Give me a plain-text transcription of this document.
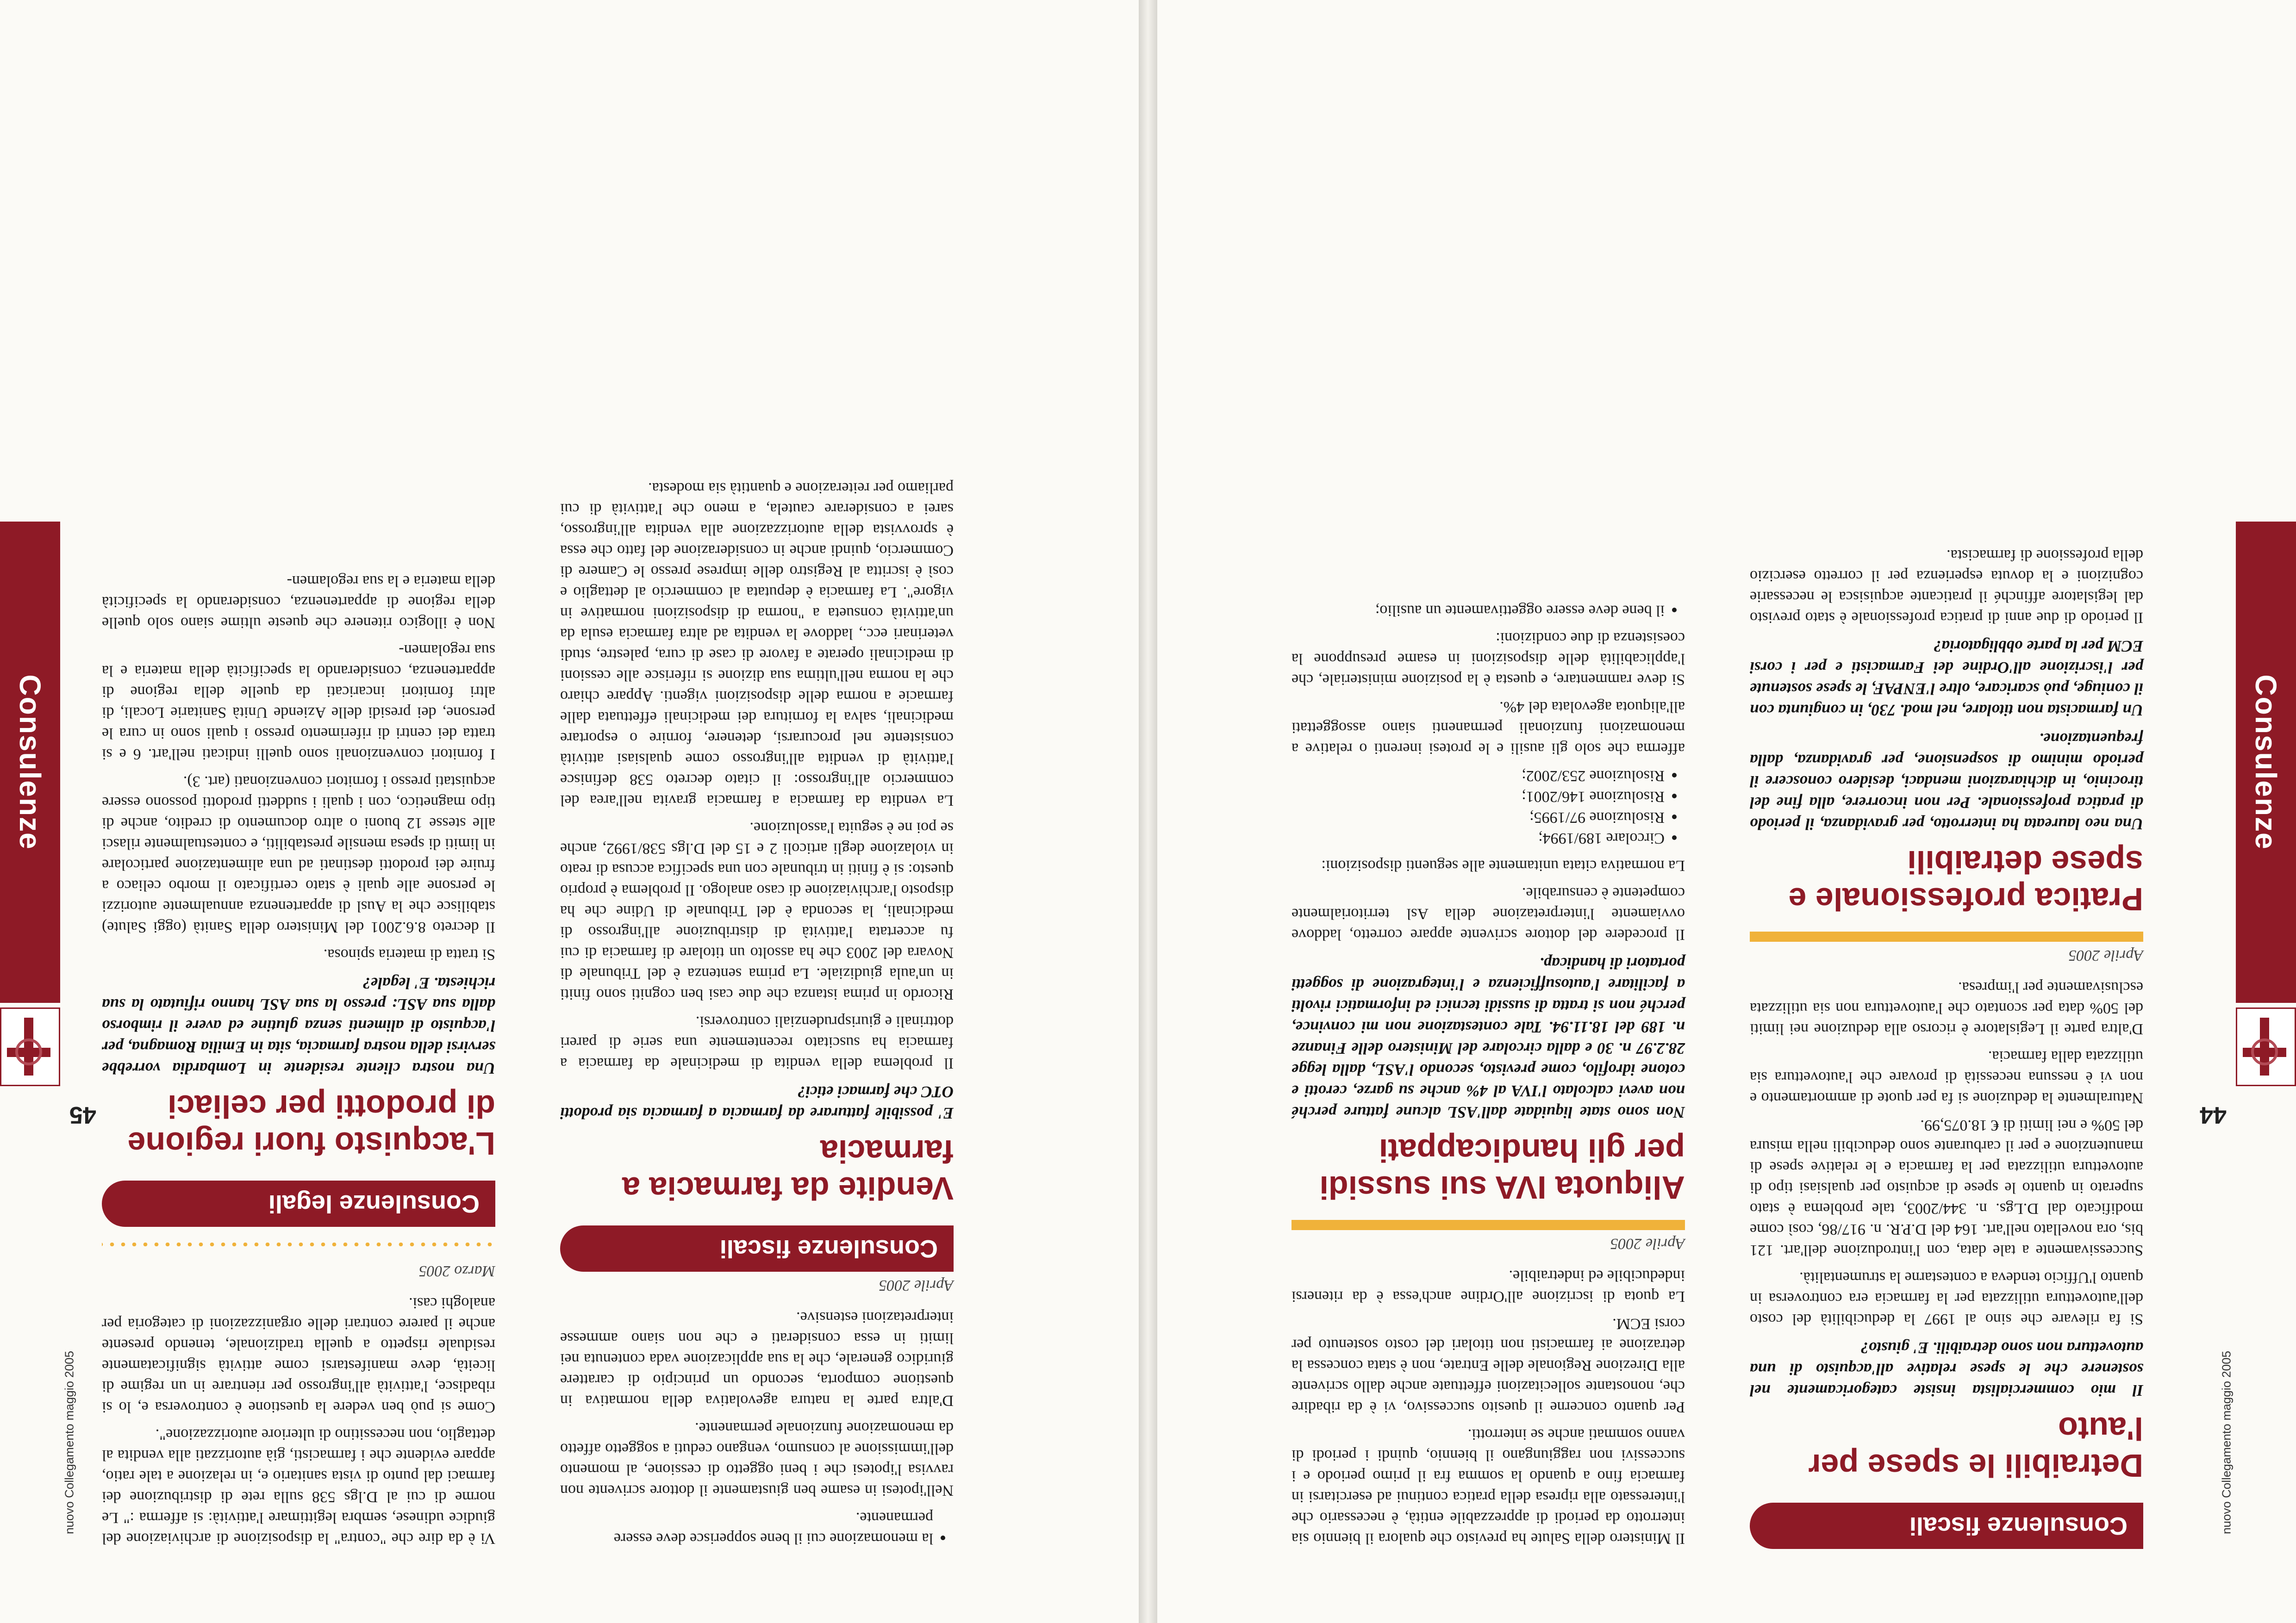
Consulenze
44
nuovo Collegamento maggio 2005
Consulenze fiscali
Detraibili le spese per l'auto

Il mio commercialista insiste categoricamente nel sostenere che le spese relative all'acquisto di una autovettura non sono detraibili. E' giusto?

Si fa rilevare che sino al 1997 la deducibilità del costo dell'autovettura utilizzata per la farmacia era controversa in quanto l'Ufficio tendeva a contestarne la strumentalità.

Successivamente a tale data, con l'introduzione dell'art. 121 bis, ora novellato nell'art. 164 del D.P.R. n. 917/86, così come modificato dal D.Lgs. n. 344/2003, tale problema è stato superato in quanto le spese di acquisto per qualsiasi tipo di autovettura utilizzata per la farmacia e le relative spese di manutenzione e per il carburante sono deducibili nella misura del 50% e nei limiti di € 18.075,99.

Naturalmente la deduzione si fa per quote di ammortamento e non vi è nessuna necessità di provare che l'autovettura sia utilizzata dalla farmacia.

D'altra parte il Legislatore è ricorso alla deduzione nei limiti del 50% data per scontato che l'autovettura non sia utilizzata esclusivamente per l'impresa.

Aprile 2005
Pratica professionale e spese detraibili

Una neo laureata ha interrotto, per gravidanza, il periodo di pratica professionale. Per non incorrere, alla fine del tirocinio, in dichiarazioni mendaci, desidero conoscere il periodo minimo di sospensione, per gravidanza, dalla frequentazione.

Un farmacista non titolare, nel mod. 730, in congiunta con il coniuge, può scaricare, oltre l'ENPAF, le spese sostenute per l'iscrizione all'Ordine dei Farmacisti e per i corsi ECM per la parte obbligatoria?

Il periodo di due anni di pratica professionale è stato previsto dal legislatore affinché il praticante acquisisca le necessarie cognizioni e la dovuta esperienza per il corretto esercizio della professione di farmacista.

Il Ministero della Salute ha previsto che qualora il biennio sia interrotto da periodi di apprezzabile entità, è necessario che l'interessato alla ripresa della pratica continui ad esercitarsi in farmacia fino a quando la somma fra il primo periodo e i successivi non raggiungano il biennio, quindi i periodi di vanno sommati anche se interrotti.

Per quanto concerne il quesito successivo, vi è da ribadire che, nonostante sollecitazioni effettuate anche dallo scrivente alla Direzione Regionale delle Entrate, non è stata concessa la detrazione ai farmacisti non titolari del costo sostenuto per corsi ECM.

La quota di iscrizione all'Ordine anch'essa è da ritenersi indeducibile ed indetraibile.

Aprile 2005
Aliquota IVA sui sussidi per gli handicappati

Non sono state liquidate dall'ASL alcune fatture perché non avevi calcolato l'IVA al 4% anche su garze, cerotti e cotone idrofilo, come previsto, secondo l'ASL, dalla legge 28.2.97 n. 30 e dalla circolare del Ministero delle Finanze n. 189 del 18.11.94. Tale contestazione non mi convince, perché non si tratta di sussidi tecnici ed informatici rivolti a facilitare l'autosufficienza e l'integrazione di soggetti portatori di handicap.

Il procedere del dottore scrivente appare corretto, laddove ovviamente l'interpretazione della Asl territorialmente competente è censurabile.

La normativa citata unitamente alle seguenti disposizioni:

• Circolare 189/1994;
• Risoluzione 97/1995;
• Risoluzione 146/2001;
• Risoluzione 253/2002;

afferma che solo gli ausili e le protesi inerenti o relative a menomazioni funzionali permanenti siano assoggettati all'aliquota agevolata del 4%.

Si deve rammentare, e questa è la posizione ministeriale, che l'applicabilità delle disposizioni in esame presuppone la coesistenza di due condizioni:

• il bene deve essere oggettivamente un ausilio;
Consulenze
45
nuovo Collegamento maggio 2005
• la menomazione cui il bene sopperisce deve essere permanente.

Nell'ipotesi in esame ben giustamente il dottore scrivente non ravvisa l'ipotesi che i beni oggetto di cessione, al momento dell'immissione al consumo, vengano ceduti a soggetto affetto da menomazione funzionale permanente.

D'altra parte la natura agevolativa della normativa in questione comporta, secondo un principio di carattere giuridico generale, che la sua applicazione vada contenuta nei limiti in essa considerati e che non siano ammesse interpretazioni estensive.

Aprile 2005
Consulenze fiscali
Vendite da farmacia a farmacia

E' possibile fatturare da farmacia a farmacia sia prodotti OTC che farmaci etici?

Il problema della vendita di medicinale da farmacia a farmacia ha suscitato recentemente una serie di pareri dottrinali e giurisprudenziali controversi.

Ricordo in prima istanza che due casi ben cogniti sono finiti in un'aula giudiziale. La prima sentenza è del Tribunale di Novara del 2003 che ha assolto un titolare di farmacia di cui fu accertata l'attività di distribuzione all'ingrosso di medicinali, la seconda è del Tribunale di Udine che ha disposto l'archiviazione di caso analogo. Il problema è proprio questo: si è finiti in tribunale con una specifica accusa di reato in violazione degli articoli 2 e 15 del D.lgs 538/1992, anche se poi ne è seguita l'assoluzione.

La vendita da farmacia a farmacia gravita nell'area del commercio all'ingrosso: il citato decreto 538 definisce l'attività di vendita all'ingrosso come qualsiasi attività consistente nel procurarsi, detenere, fornire o esportare medicinali, salva la fornitura dei medicinali effettuata dalle farmacie a norma delle disposizioni vigenti. Appare chiaro che la norma nell'ultima sua dizione si riferisce alle cessioni di medicinali operate a favore di case di cura, palestre, studi veterinari ecc., laddove la vendita ad altra farmacia esula da un'attività consueta a "norma di disposizioni normative in vigore". La farmacia è deputata al commercio al dettaglio e così è iscritta al Registro delle imprese presso le Camere di Commercio, quindi anche in considerazione del fatto che essa è sprovvista della autorizzazione alla vendita all'ingrosso, sarei a considerare cautela, a meno che l'attività di cui parliamo per reiterazione e quantità sia modesta.

Vi è da dire che "contra" la disposizione di archiviazione del giudice udinese, sembra legittimare l'attività: si afferma :" Le norme di cui al D.lgs 538 sulla rete di distribuzione dei farmaci dal punto di vista sanitario e, in relazione a tale ratio, appare evidente che i farmacisti, già autorizzati alla vendita al dettaglio, non necessitino di ulteriore autorizzazione".

Come si può ben vedere la questione è controversa e, lo si ribadisce, l'attività all'ingrosso per rientrare in un regime di liceità, deve manifestarsi come attività significatamente residuale rispetto a quella tradizionale, tenendo presente anche il parere contrari delle organizzazioni di categoria per analoghi casi.

Marzo 2005
Consulenze legali
L'acquisto fuori regione di prodotti per celiaci

Una nostra cliente residente in Lombardia vorrebbe servirsi della nostra farmacia, sita in Emilia Romagna, per l'acquisto di alimenti senza glutine ed avere il rimborso dalla sua ASL: presso la sua ASL hanno rifiutato la sua richiesta. E' legale?

Si tratta di materia spinosa.

Il decreto 8.6.2001 del Ministero della Sanità (oggi Salute) stabilisce che la Ausl di appartenenza annualmente autorizzi le persone alle quali è stato certificato il morbo celiaco a fruire dei prodotti destinati ad una alimentazione particolare in limiti di spesa mensile prestabiliti, e contestualmente rilasci alle stesse 12 buoni o altro documento di credito, anche di tipo magnetico, con i quali i suddetti prodotti possono essere acquistati presso i fornitori convenzionati (art. 3).

I fornitori convenzionali sono quelli indicati nell'art. 6 e si tratta dei centri di riferimento presso i quali sono in cura le persone, dei presidi delle Aziende Unità Sanitarie Locali, di altri fornitori incaricati da quelle della regione di appartenenza, considerando la specificità della materia e la sua regolamen-

Non è illogico ritenere che queste ultime siano solo quelle della regione di appartenenza, considerando la specificità della materia e la sua regolamen-
